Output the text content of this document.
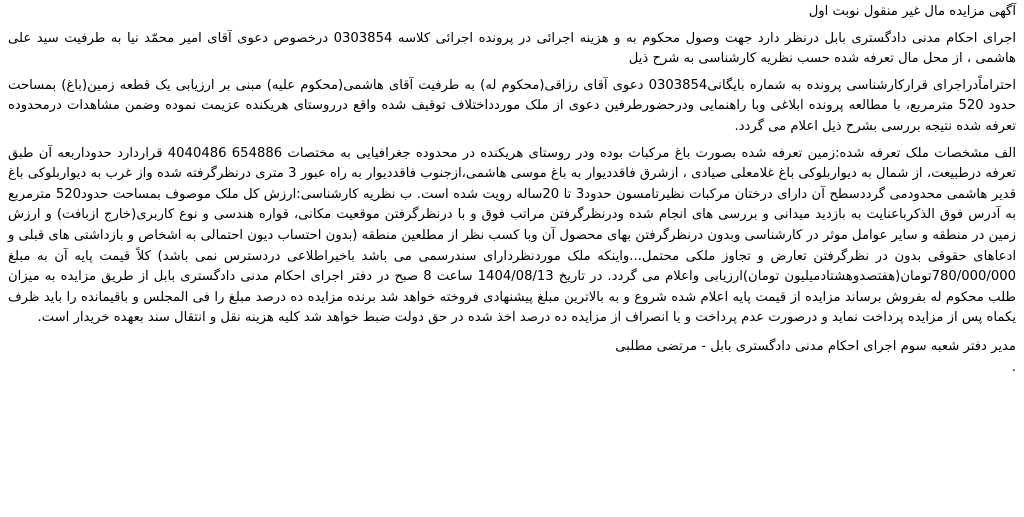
آگهی مزایده مال غیر منقول نوبت اول

اجرای احکام مدنی دادگستری بابل درنظر دارد جهت وصول محکوم به و هزینه اجرائی در پرونده اجرائی کلاسه 0303854 درخصوص دعوی آقای امیر محمّد نیا به طرفیت سید علی هاشمی ، از محل مال تعرفه شده حسب نظریه کارشناسی به شرح ذیل

احتراماًدراجرای قرارکارشناسی پرونده به شماره بایگانی0303854 دعوی آقای رزاقی(محکوم له) به طرفیت آقای هاشمی(محکوم علیه) مبنی بر ارزیابی یک قطعه زمین(باغ) بمساحت حدود 520 مترمربع، با مطالعه پرونده ابلاغی وبا راهنمایی ودرحضورطرفین دعوی از ملک موردداختلاف توقیف شده واقع درروستای هریکنده عزیمت نموده وضمن مشاهدات درمحدوده تعرفه شده نتیجه بررسی بشرح ذیل اعلام می گردد.

الف مشخصات ملک تعرفه شده:زمین تعرفه شده بصورت باغ مرکبات بوده ودر روستای هریکنده در محدوده جغرافیایی به مختصات 654886 4040486 قراردارد حدوداربعه آن طبق تعرفه درطبیعت، از شمال به دیواربلوکی باغ غلامعلی صیادی ، ازشرق فاقددیوار به باغ موسی هاشمی،ازجنوب فاقددیوار به راه عبور 3 متری درنظرگرفته شده واز غرب به دیواربلوکی باغ قدیر هاشمی محدودمی گرددسطح آن دارای درختان مرکبات نظیرتامسون حدود3 تا 20ساله رویت شده است. ب نظریه کارشناسی:ارزش کل ملک موصوف بمساحت حدود520 مترمربع به آدرس فوق الذکرباعنایت به بازدید میدانی و بررسی های انجام شده ودرنظرگرفتن مراتب فوق و با درنظرگرفتن موقعیت مکانی، قواره هندسی و نوع کاربری(خارج ازبافت) و ارزش زمین در منطقه و سایر عوامل موثر در کارشناسی وبدون درنظرگرفتن بهای محصول آن وبا کسب نظر از مطلعین منطقه (بدون احتساب دیون احتمالی به اشخاص و بازداشتی های قبلی و ادعاهای حقوقی بدون در نظرگرفتن تعارض و تجاوز ملکی محتمل...واینکه ملک موردنظردارای سندرسمی می باشد باخیراطلاعی دردسترس نمی باشد) کلاً قیمت پایه آن به مبلغ 780/000/000تومان(هفتصدوهشتادمیلیون تومان)ارزیابی واعلام می گردد. در تاریخ 1404/08/13 ساعت 8 صبح در دفتر اجرای احکام مدنی دادگستری بابل از طریق مزایده به میزان طلب محکوم له بفروش برساند مزایده از قیمت پایه اعلام شده شروع و به بالاترین مبلغ پیشنهادی فروخته خواهد شد برنده مزایده ده درصد مبلغ را فی المجلس و باقیمانده را باید ظرف یکماه پس از مزایده پرداخت نماید و درصورت عدم پرداخت و یا انصراف از مزایده ده درصد اخذ شده در حق دولت ضبط خواهد شد کلیه هزینه نقل و انتقال سند بعهده خریدار است.

مدیر دفتر شعبه سوم اجرای احکام مدنی دادگستری بابل - مرتضی مطلبی

.
